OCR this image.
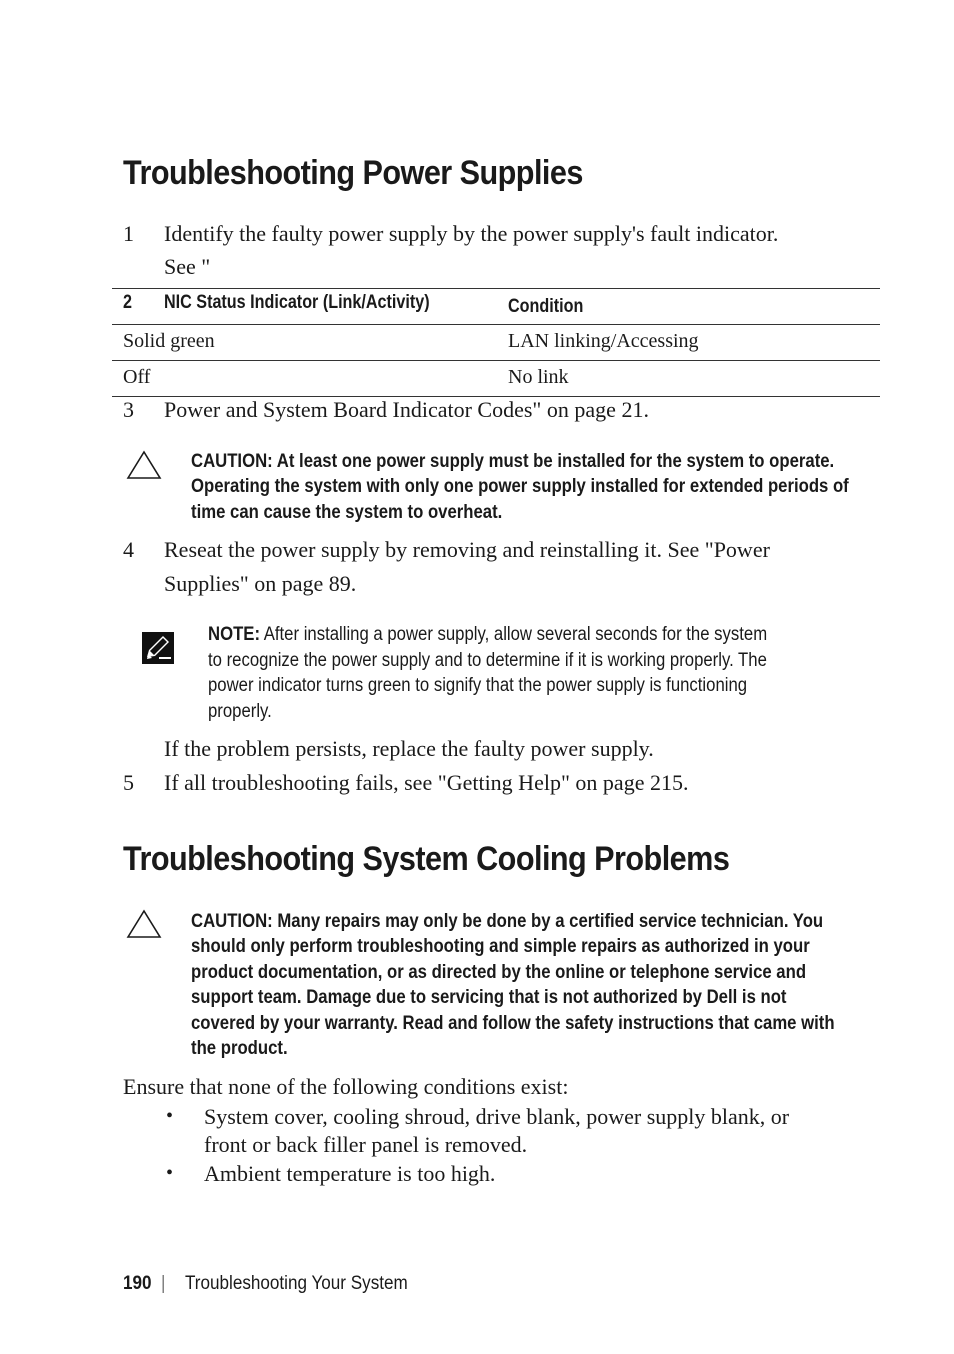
Troubleshooting Power Supplies
1 Identify the faulty power supply by the power supply's fault indicator.
See "
2 NIC Status Indicator (Link/Activity)	Condition
Solid green	LAN linking/Accessing
Off	No link
3 Power and System Board Indicator Codes" on page 21.
CAUTION: At least one power supply must be installed for the system to operate.
Operating the system with only one power supply installed for extended periods of
time can cause the system to overheat.
4 Reseat the power supply by removing and reinstalling it. See "Power
Supplies" on page 89.
NOTE: After installing a power supply, allow several seconds for the system
to recognize the power supply and to determine if it is working properly. The
power indicator turns green to signify that the power supply is functioning
properly.
If the problem persists, replace the faulty power supply.
5 If all troubleshooting fails, see "Getting Help" on page 215.
Troubleshooting System Cooling Problems
CAUTION: Many repairs may only be done by a certified service technician. You
should only perform troubleshooting and simple repairs as authorized in your
product documentation, or as directed by the online or telephone service and
support team. Damage due to servicing that is not authorized by Dell is not
covered by your warranty. Read and follow the safety instructions that came with
the product.
Ensure that none of the following conditions exist:
• System cover, cooling shroud, drive blank, power supply blank, or
front or back filler panel is removed.
• Ambient temperature is too high.
190 | Troubleshooting Your System
